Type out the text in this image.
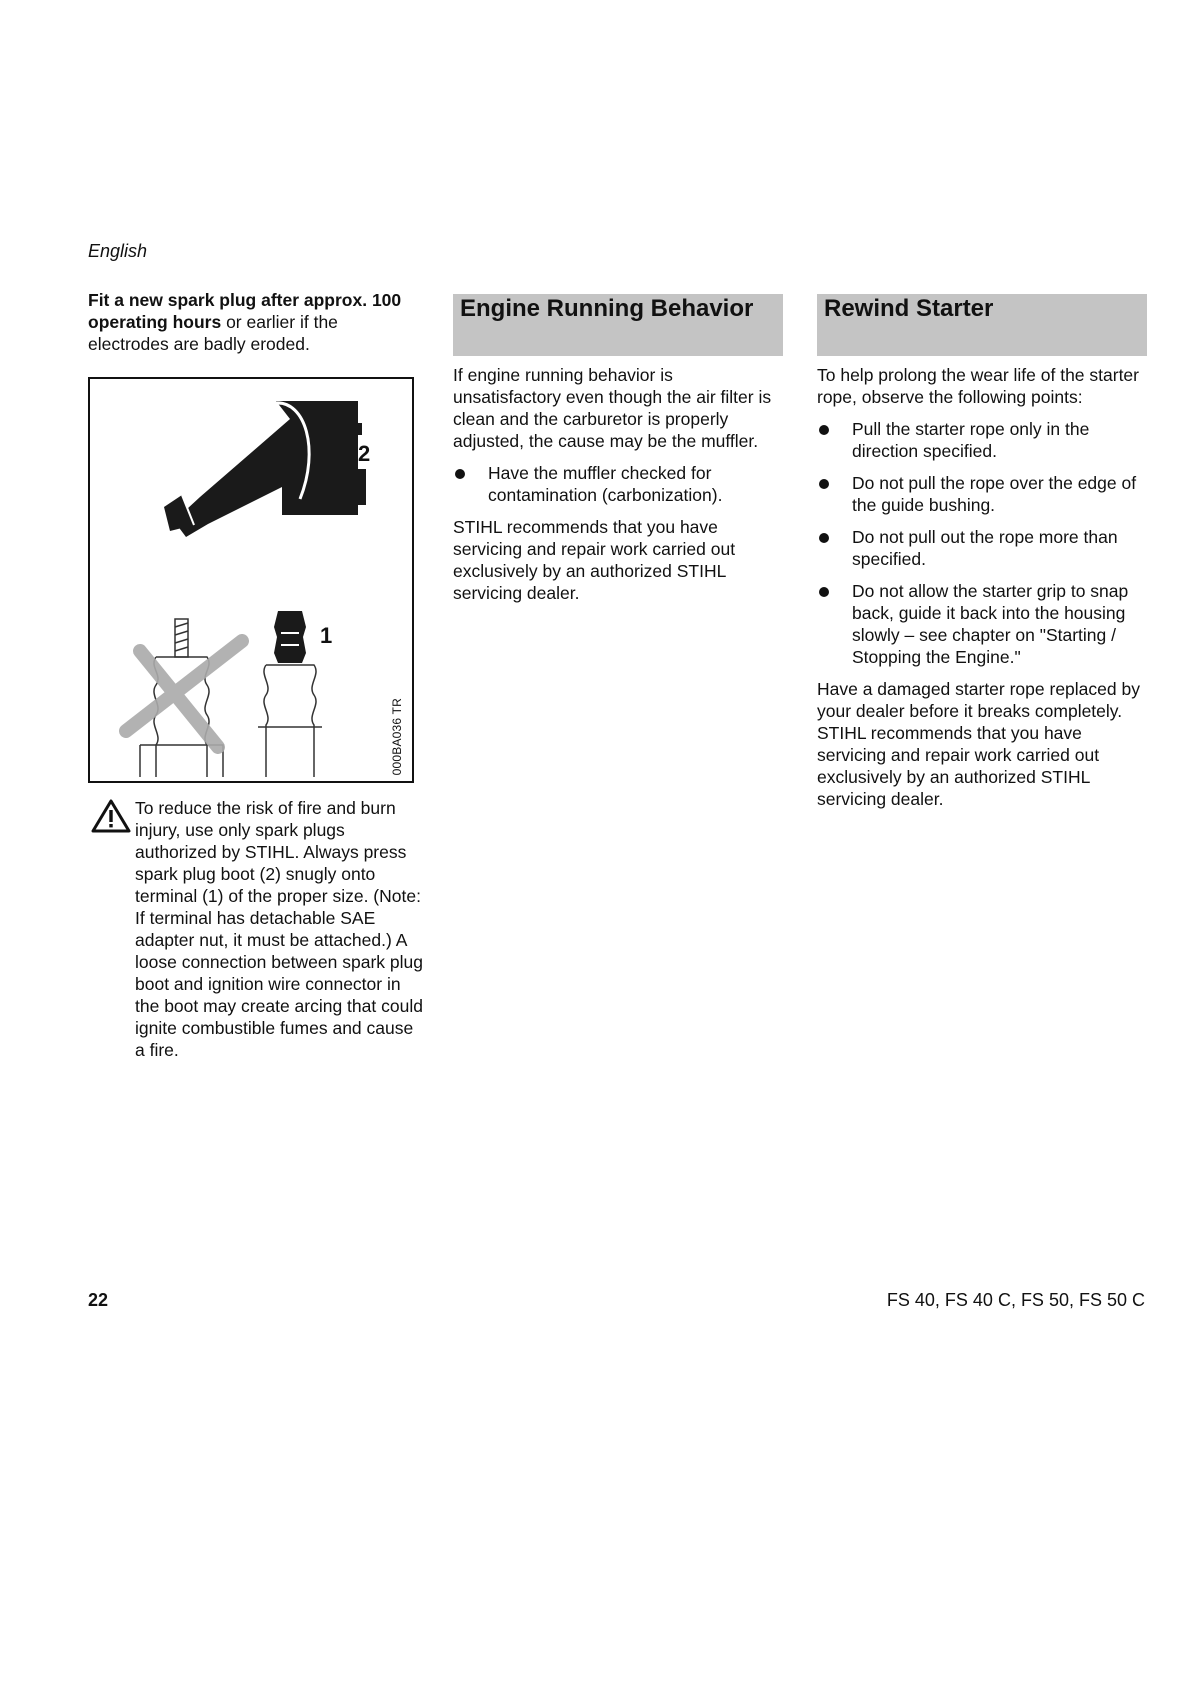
English

Fit a new spark plug after approx. 100 operating hours or earlier if the electrodes are badly eroded.

2
1
000BA036 TR

To reduce the risk of fire and burn injury, use only spark plugs authorized by STIHL. Always press spark plug boot (2) snugly onto terminal (1) of the proper size. (Note: If terminal has detachable SAE adapter nut, it must be attached.) A loose connection between spark plug boot and ignition wire connector in the boot may create arcing that could ignite combustible fumes and cause a fire.

Engine Running Behavior

If engine running behavior is unsatisfactory even though the air filter is clean and the carburetor is properly adjusted, the cause may be the muffler.

Have the muffler checked for contamination (carbonization).

STIHL recommends that you have servicing and repair work carried out exclusively by an authorized STIHL servicing dealer.

Rewind Starter

To help prolong the wear life of the starter rope, observe the following points:

Pull the starter rope only in the direction specified.
Do not pull the rope over the edge of the guide bushing.
Do not pull out the rope more than specified.
Do not allow the starter grip to snap back, guide it back into the housing slowly – see chapter on "Starting / Stopping the Engine."

Have a damaged starter rope replaced by your dealer before it breaks completely. STIHL recommends that you have servicing and repair work carried out exclusively by an authorized STIHL servicing dealer.

22	FS 40, FS 40 C, FS 50, FS 50 C
